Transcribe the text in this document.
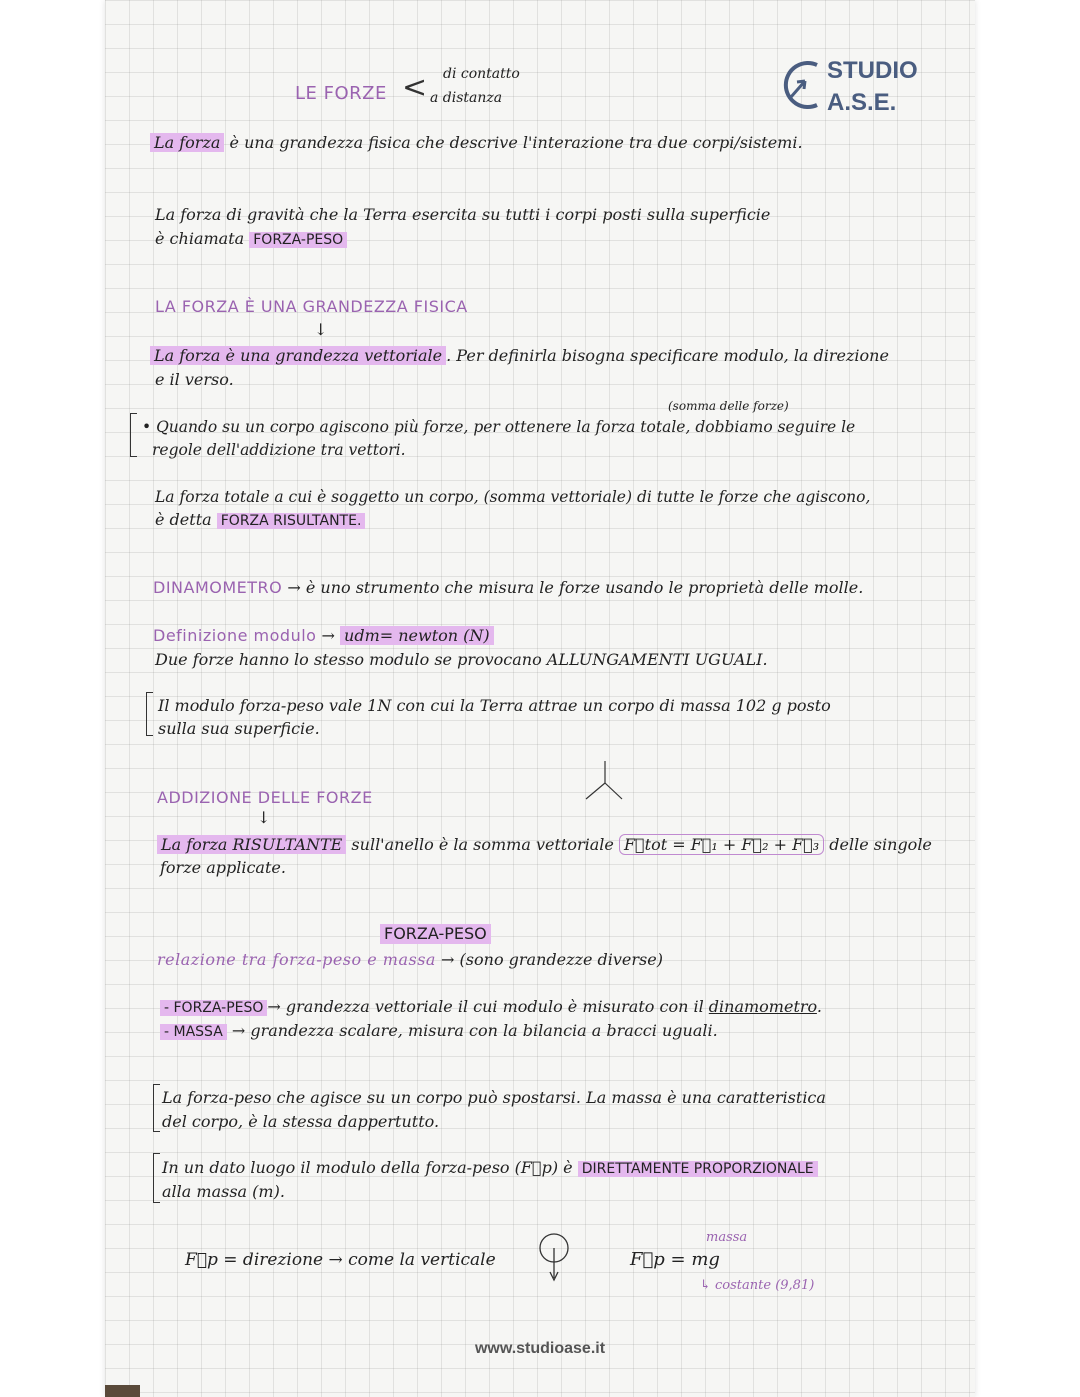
LE FORZE < di contatto
a distanza
STUDIO
A.S.E.
La forza è una grandezza fisica che descrive l'interazione tra due corpi/sistemi.
La forza di gravità che la Terra esercita su tutti i corpi posti sulla superficie
è chiamata FORZA-PESO
LA FORZA È UNA GRANDEZZA FISICA
↓
La forza è una grandezza vettoriale . Per definirla bisogna specificare modulo, la direzione
e il verso.
(somma delle forze)
• Quando su un corpo agiscono più forze, per ottenere la forza totale, dobbiamo seguire le
regole dell'addizione tra vettori.
La forza totale a cui è soggetto un corpo, (somma vettoriale) di tutte le forze che agiscono,
è detta FORZA RISULTANTE.
DINAMOMETRO → è uno strumento che misura le forze usando le proprietà delle molle.
Definizione modulo → udm= newton (N)
Due forze hanno lo stesso modulo se provocano ALLUNGAMENTI UGUALI.
Il modulo forza-peso vale 1N con cui la Terra attrae un corpo di massa 102 g posto
sulla sua superficie.
ADDIZIONE DELLE FORZE
↓
La forza RISULTANTE sull'anello è la somma vettoriale F⃗tot = F⃗₁ + F⃗₂ + F⃗₃ delle singole
forze applicate.
FORZA-PESO
relazione tra forza-peso e massa → (sono grandezze diverse)
- FORZA-PESO → grandezza vettoriale il cui modulo è misurato con il dinamometro.
- MASSA → grandezza scalare, misura con la bilancia a bracci uguali.
La forza-peso che agisce su un corpo può spostarsi. La massa è una caratteristica
del corpo, è la stessa dappertutto.
In un dato luogo il modulo della forza-peso (F⃗p) è DIRETTAMENTE PROPORZIONALE
alla massa (m).
F⃗p = direzione → come la verticale
massa
F⃗p = mg
↳ costante (9,81)
www.studioase.it
